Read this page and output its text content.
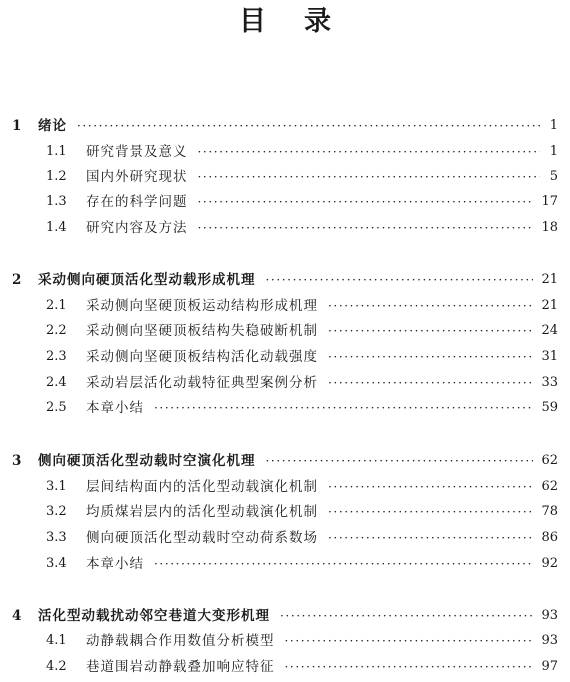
目录
1	绪论 ·····	1
1.1	研究背景及意义 ·····	1
1.2	国内外研究现状 ·····	5
1.3	存在的科学问题 ·····	17
1.4	研究内容及方法 ·····	18
2	采动侧向硬顶活化型动载形成机理 ·····	21
2.1	采动侧向坚硬顶板运动结构形成机理 ·····	21
2.2	采动侧向坚硬顶板结构失稳破断机制 ·····	24
2.3	采动侧向坚硬顶板结构活化动载强度 ·····	31
2.4	采动岩层活化动载特征典型案例分析 ·····	33
2.5	本章小结 ·····	59
3	侧向硬顶活化型动载时空演化机理 ·····	62
3.1	层间结构面内的活化型动载演化机制 ·····	62
3.2	均质煤岩层内的活化型动载演化机制 ·····	78
3.3	侧向硬顶活化型动载时空动荷系数场 ·····	86
3.4	本章小结 ·····	92
4	活化型动载扰动邻空巷道大变形机理 ·····	93
4.1	动静载耦合作用数值分析模型 ·····	93
4.2	巷道围岩动静载叠加响应特征 ·····	97
